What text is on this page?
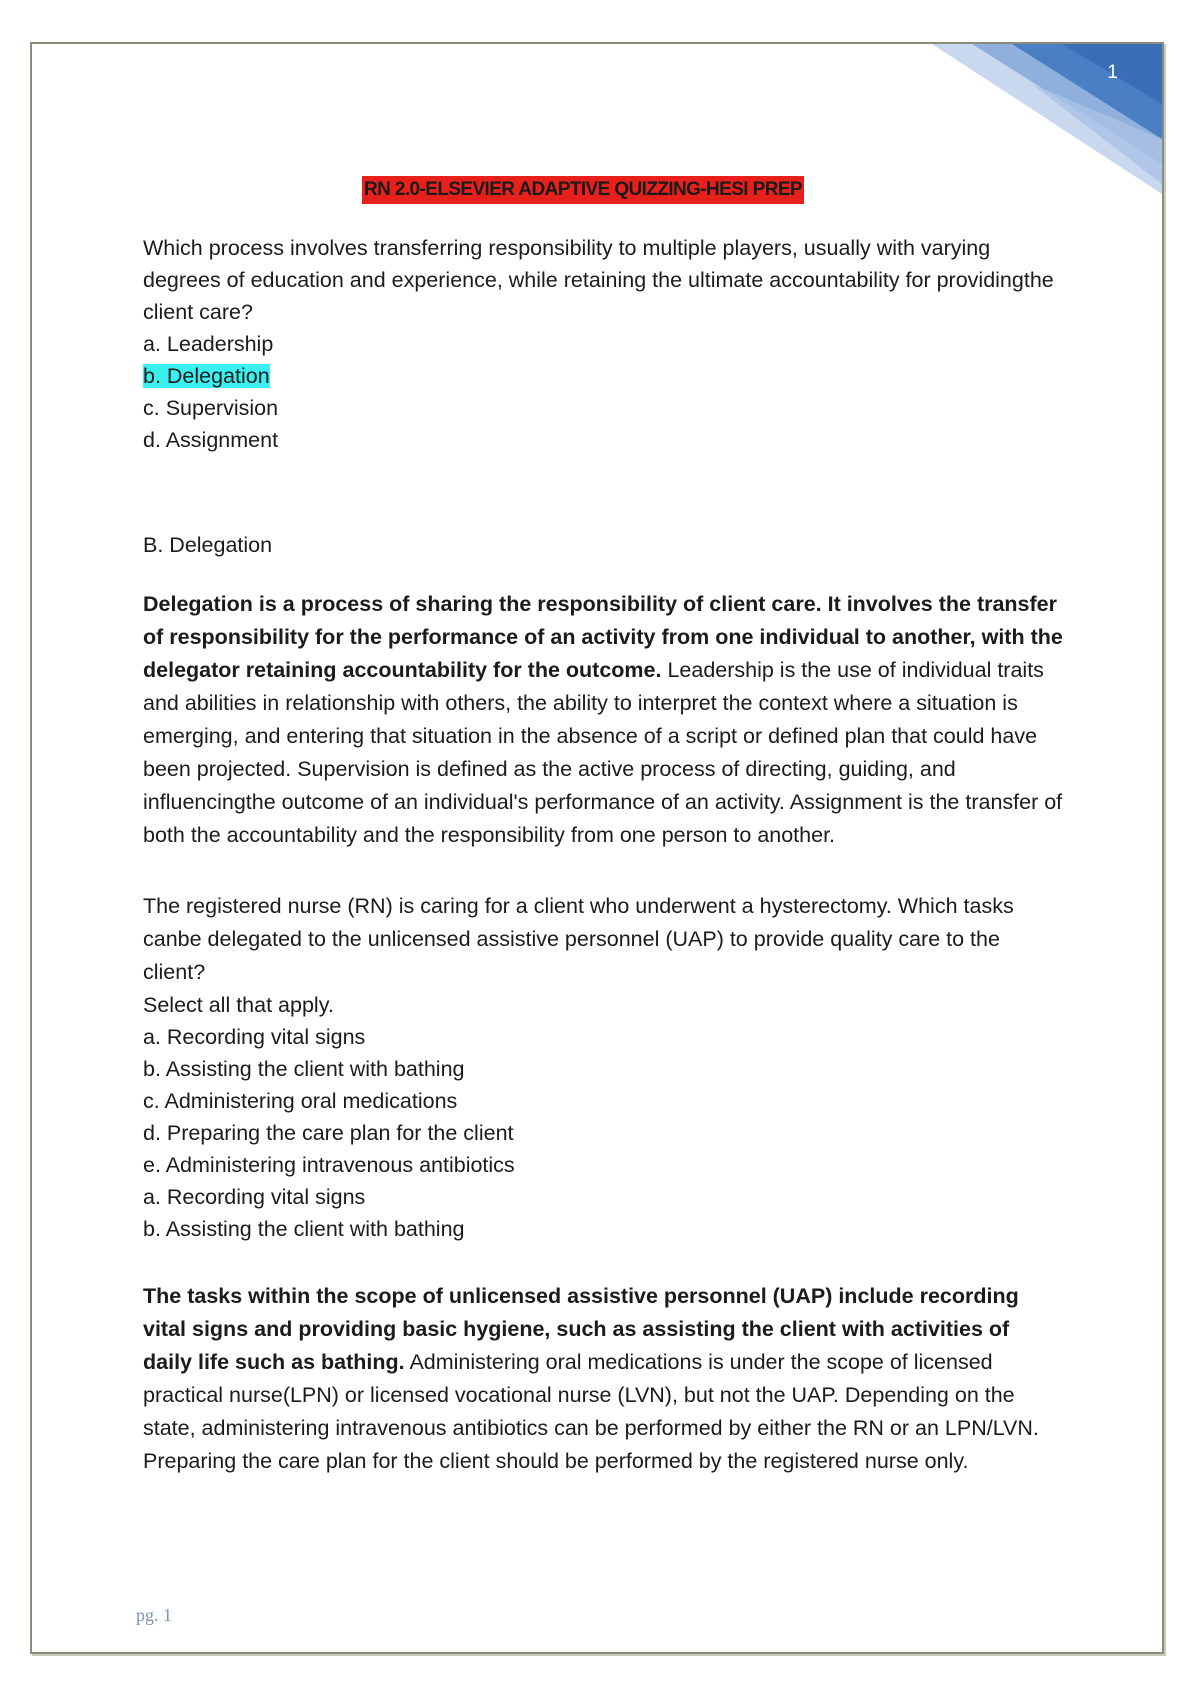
1
RN 2.0-ELSEVIER ADAPTIVE QUIZZING-HESI PREP

Which process involves transferring responsibility to multiple players, usually with varying degrees of education and experience, while retaining the ultimate accountability for providingthe client care?

a. Leadership

b. Delegation

c. Supervision

d. Assignment

B. Delegation

Delegation is a process of sharing the responsibility of client care. It involves the transfer of responsibility for the performance of an activity from one individual to another, with the delegator retaining accountability for the outcome. Leadership is the use of individual traits and abilities in relationship with others, the ability to interpret the context where a situation is emerging, and entering that situation in the absence of a script or defined plan that could have been projected. Supervision is defined as the active process of directing, guiding, and influencingthe outcome of an individual's performance of an activity. Assignment is the transfer of both the accountability and the responsibility from one person to another.

The registered nurse (RN) is caring for a client who underwent a hysterectomy. Which tasks canbe delegated to the unlicensed assistive personnel (UAP) to provide quality care to the client?

Select all that apply.

a. Recording vital signs

b. Assisting the client with bathing

c. Administering oral medications

d. Preparing the care plan for the client

e. Administering intravenous antibiotics

a. Recording vital signs

b. Assisting the client with bathing

The tasks within the scope of unlicensed assistive personnel (UAP) include recording vital signs and providing basic hygiene, such as assisting the client with activities of daily life such as bathing. Administering oral medications is under the scope of licensed practical nurse(LPN) or licensed vocational nurse (LVN), but not the UAP. Depending on the state, administering intravenous antibiotics can be performed by either the RN or an LPN/LVN. Preparing the care plan for the client should be performed by the registered nurse only.

pg. 1
